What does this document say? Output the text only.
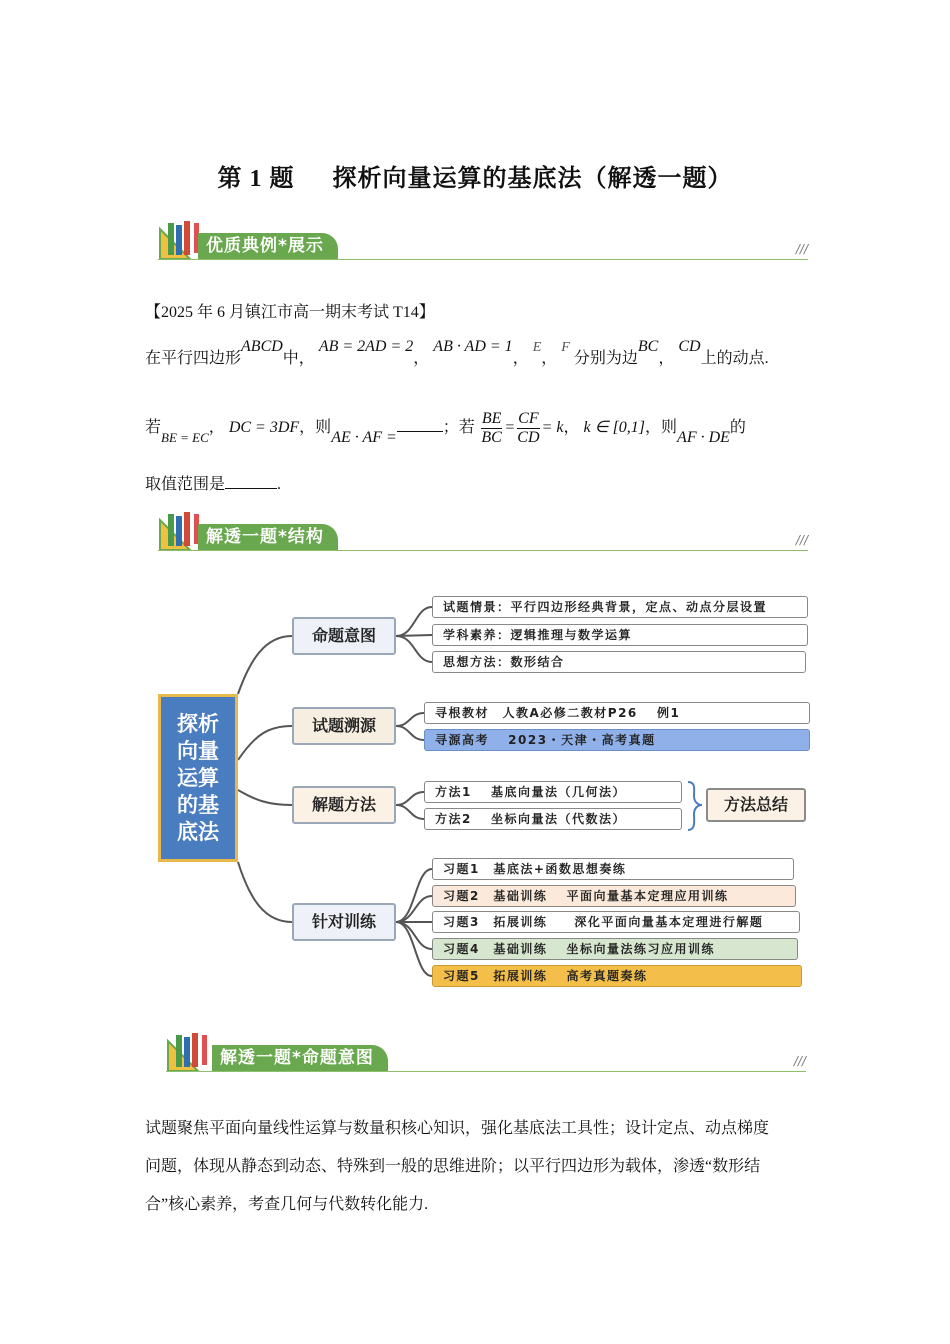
第 1 题 探析向量运算的基底法（解透一题）
优质典例*展示	///
【2025 年 6 月镇江市高一期末考试 T14】
在平行四边形ABCD中， AB = 2AD = 2， AB · AD = 1， E， F 分别为边BC， CD上的动点.
若$_{BE = EC}$， DC = 3DF，则AE · AF =；若 $\frac{BE}{BC} = \frac{CF}{CD} = k$， k ∈ [0,1]，则AF · DE的
取值范围是	.
解透一题*结构	///
探析
向量
运算
的基
底法
命题意图
试题溯源
解题方法
针对训练
试题情景：平行四边形经典背景，定点、动点分层设置
学科素养：逻辑推理与数学运算
思想方法：数形结合
寻根教材　人教A必修二教材P26　 例1
寻源高考　 2023・天津・高考真题
方法1　 基底向量法（几何法）
方法2　 坐标向量法（代数法）
方法总结
习题1　基底法+函数思想奏练
习题2　基础训练　 平面向量基本定理应用训练
习题3　拓展训练　　深化平面向量基本定理进行解题
习题4　基础训练　 坐标向量法练习应用训练
习题5　拓展训练　 高考真题奏练
解透一题*命题意图	///
试题聚焦平面向量线性运算与数量积核心知识，强化基底法工具性；设计定点、动点梯度
问题，体现从静态到动态、特殊到一般的思维进阶；以平行四边形为载体，渗透“数形结
合”核心素养，考查几何与代数转化能力.
